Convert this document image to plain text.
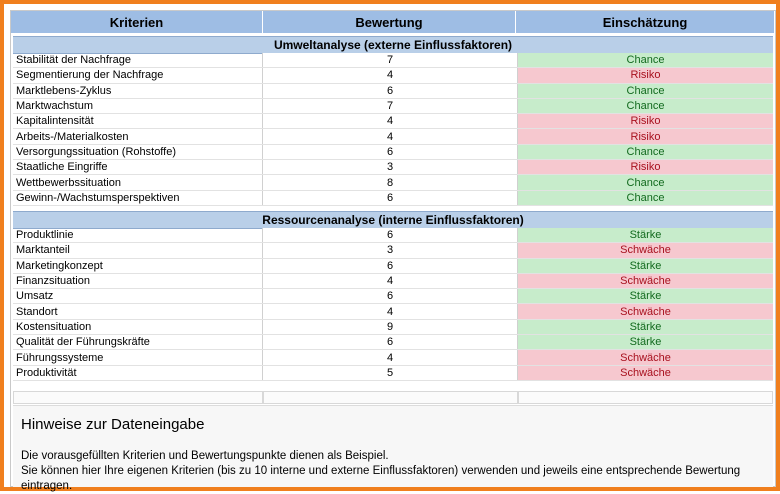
Kriterien	Bewertung	Einschätzung
Umweltanalyse (externe Einflussfaktoren)
Stabilität der Nachfrage	7	Chance
Segmentierung der Nachfrage	4	Risiko
Marktlebens-Zyklus	6	Chance
Marktwachstum	7	Chance
Kapitalintensität	4	Risiko
Arbeits-/Materialkosten	4	Risiko
Versorgungssituation (Rohstoffe)	6	Chance
Staatliche Eingriffe	3	Risiko
Wettbewerbssituation	8	Chance
Gewinn-/Wachstumsperspektiven	6	Chance
Ressourcenanalyse (interne Einflussfaktoren)
Produktlinie	6	Stärke
Marktanteil	3	Schwäche
Marketingkonzept	6	Stärke
Finanzsituation	4	Schwäche
Umsatz	6	Stärke
Standort	4	Schwäche
Kostensituation	9	Stärke
Qualität der Führungskräfte	6	Stärke
Führungssysteme	4	Schwäche
Produktivität	5	Schwäche
Hinweise zur Dateneingabe

Die vorausgefüllten Kriterien und Bewertungspunkte dienen als Beispiel.
Sie können hier Ihre eigenen Kriterien (bis zu 10 interne und externe Einflussfaktoren) verwenden und jeweils eine entsprechende Bewertung eintragen.
